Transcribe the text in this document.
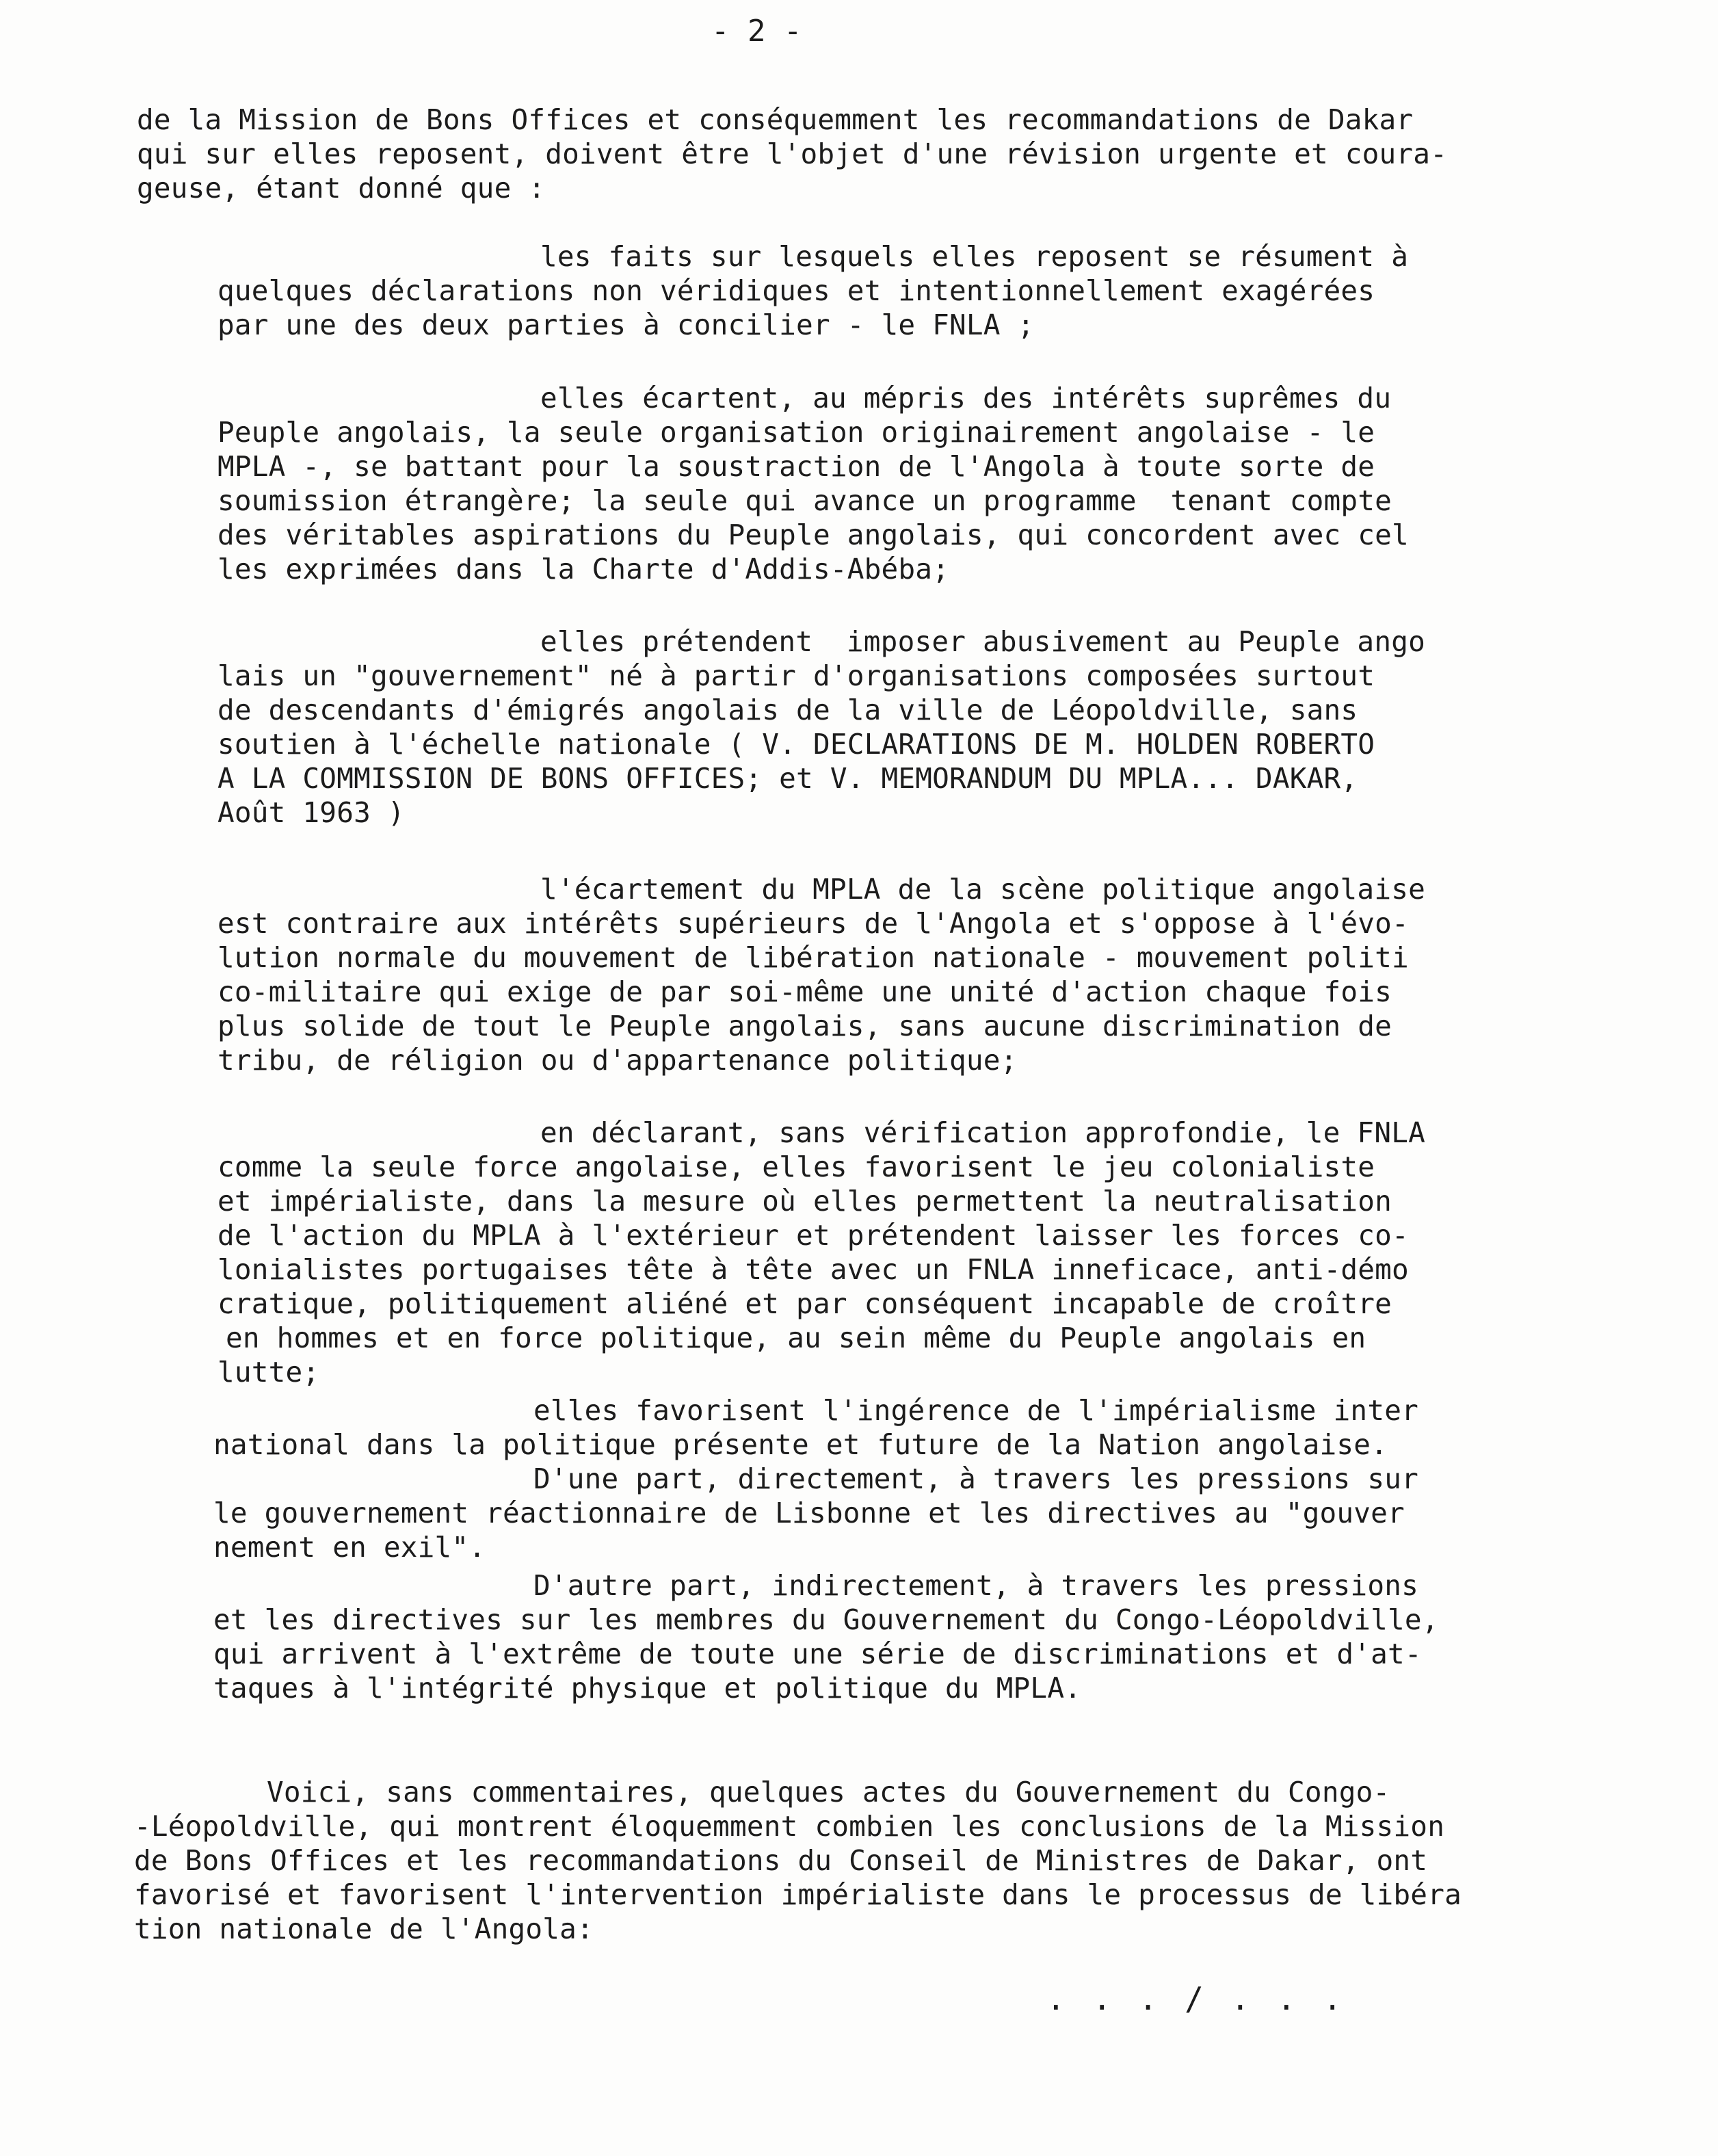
- 2 -
de la Mission de Bons Offices et conséquemment les recommandations de Dakar
qui sur elles reposent, doivent être l'objet d'une révision urgente et coura-
geuse, étant donné que :
les faits sur lesquels elles reposent se résument à
quelques déclarations non véridiques et intentionnellement exagérées
par une des deux parties à concilier - le FNLA ;
elles écartent, au mépris des intérêts suprêmes du
Peuple angolais, la seule organisation originairement angolaise - le
MPLA -, se battant pour la soustraction de l'Angola à toute sorte de
soumission étrangère; la seule qui avance un programme  tenant compte
des véritables aspirations du Peuple angolais, qui concordent avec cel
les exprimées dans la Charte d'Addis-Abéba;
elles prétendent  imposer abusivement au Peuple ango
lais un "gouvernement" né à partir d'organisations composées surtout
de descendants d'émigrés angolais de la ville de Léopoldville, sans
soutien à l'échelle nationale ( V. DECLARATIONS DE M. HOLDEN ROBERTO
A LA COMMISSION DE BONS OFFICES; et V. MEMORANDUM DU MPLA... DAKAR,
Août 1963 )
l'écartement du MPLA de la scène politique angolaise
est contraire aux intérêts supérieurs de l'Angola et s'oppose à l'évo-
lution normale du mouvement de libération nationale - mouvement politi
co-militaire qui exige de par soi-même une unité d'action chaque fois
plus solide de tout le Peuple angolais, sans aucune discrimination de
tribu, de réligion ou d'appartenance politique;
en déclarant, sans vérification approfondie, le FNLA
comme la seule force angolaise, elles favorisent le jeu colonialiste
et impérialiste, dans la mesure où elles permettent la neutralisation
de l'action du MPLA à l'extérieur et prétendent laisser les forces co-
lonialistes portugaises tête à tête avec un FNLA inneficace, anti-démo
cratique, politiquement aliéné et par conséquent incapable de croître
en hommes et en force politique, au sein même du Peuple angolais en
lutte;
elles favorisent l'ingérence de l'impérialisme inter
national dans la politique présente et future de la Nation angolaise.
D'une part, directement, à travers les pressions sur
le gouvernement réactionnaire de Lisbonne et les directives au "gouver
nement en exil".
D'autre part, indirectement, à travers les pressions
et les directives sur les membres du Gouvernement du Congo-Léopoldville,
qui arrivent à l'extrême de toute une série de discriminations et d'at-
taques à l'intégrité physique et politique du MPLA.
Voici, sans commentaires, quelques actes du Gouvernement du Congo-
-Léopoldville, qui montrent éloquemment combien les conclusions de la Mission
de Bons Offices et les recommandations du Conseil de Ministres de Dakar, ont
favorisé et favorisent l'intervention impérialiste dans le processus de libéra
tion nationale de l'Angola:
. . . / . . .
